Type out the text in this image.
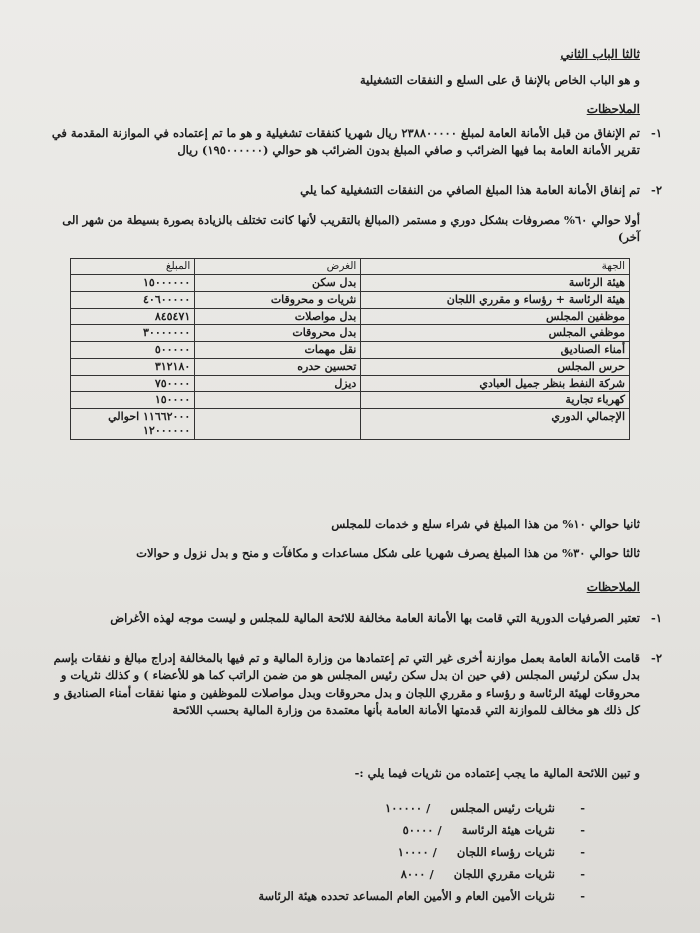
ثالثا الباب الثاني
و هو الباب الخاص بالإنفا ق على السلع و النفقات التشغيلية
الملاحظات
١-
تم الإنفاق من قبل الأمانة العامة لمبلغ ٢٣٨٨٠٠٠٠٠ ريال شهريا كنفقات تشغيلية و هو ما تم إعتماده في الموازنة المقدمة في تقرير الأمانة العامة بما فيها الضرائب و صافي المبلغ بدون الضرائب هو حوالي (١٩٥٠٠٠٠٠٠) ريال
٢-
تم إنفاق الأمانة العامة هذا المبلغ الصافي من النفقات التشغيلية كما يلي
أولا حوالي ٦٠% مصروفات بشكل دوري و مستمر (المبالغ بالتقريب لأنها كانت تختلف بالزيادة بصورة بسيطة من شهر الى آخر)
الجهة	الغرض	المبلغ
هيئة الرئاسة	بدل سكن	١٥٠٠٠٠٠٠
هيئة الرئاسة + رؤساء و مقرري اللجان	نثريات و محروقات	٤٠٦٠٠٠٠٠
موظفين المجلس	بدل مواصلات	٨٤٥٤٧١
موظفي المجلس	بدل محروقات	٣٠٠٠٠٠٠٠
أمناء الصناديق	نقل مهمات	٥٠٠٠٠٠
حرس المجلس	تحسين حدره	٣١٢١٨٠
شركة النفط بنظر جميل العبادي	ديزل	٧٥٠٠٠٠
كهرباء تجارية		١٥٠٠٠٠
الإجمالي الدوري		١١٦٦٢٠٠٠ احوالي ١٢٠٠٠٠٠٠
ثانيا حوالي ١٠% من هذا المبلغ في شراء سلع و خدمات للمجلس
ثالثا حوالي ٣٠% من هذا المبلغ يصرف شهريا على شكل مساعدات و مكافآت و منح و بدل نزول و حوالات
الملاحظات
١-
تعتبر الصرفيات الدورية التي قامت بها الأمانة العامة مخالفة للائحة المالية للمجلس و ليست موجه لهذه الأغراض
٢-
قامت الأمانة العامة بعمل موازنة أخرى غير التي تم إعتمادها من وزارة المالية و تم فيها بالمخالفة إدراج مبالغ و نفقات بإسم بدل سكن لرئيس المجلس (في حين ان بدل سكن رئيس المجلس هو من ضمن الراتب كما هو للأعضاء ) و كذلك نثريات و محروقات لهيئة الرئاسة و رؤساء و مقرري اللجان و بدل محروقات وبدل مواصلات للموظفين و منها نفقات أمناء الصناديق و كل ذلك هو مخالف للموازنة التي قدمتها الأمانة العامة بأنها معتمدة من وزارة المالية بحسب اللائحة
و تبين اللائحة المالية ما يجب إعتماده من نثريات فيما يلي :-
-
نثريات رئيس المجلس / ١٠٠٠٠٠
-
نثريات هيئة الرئاسة / ٥٠٠٠٠
-
نثريات رؤساء اللجان / ١٠٠٠٠
-
نثريات مقرري اللجان / ٨٠٠٠
-
نثريات الأمين العام و الأمين العام المساعد تحدده هيئة الرئاسة
